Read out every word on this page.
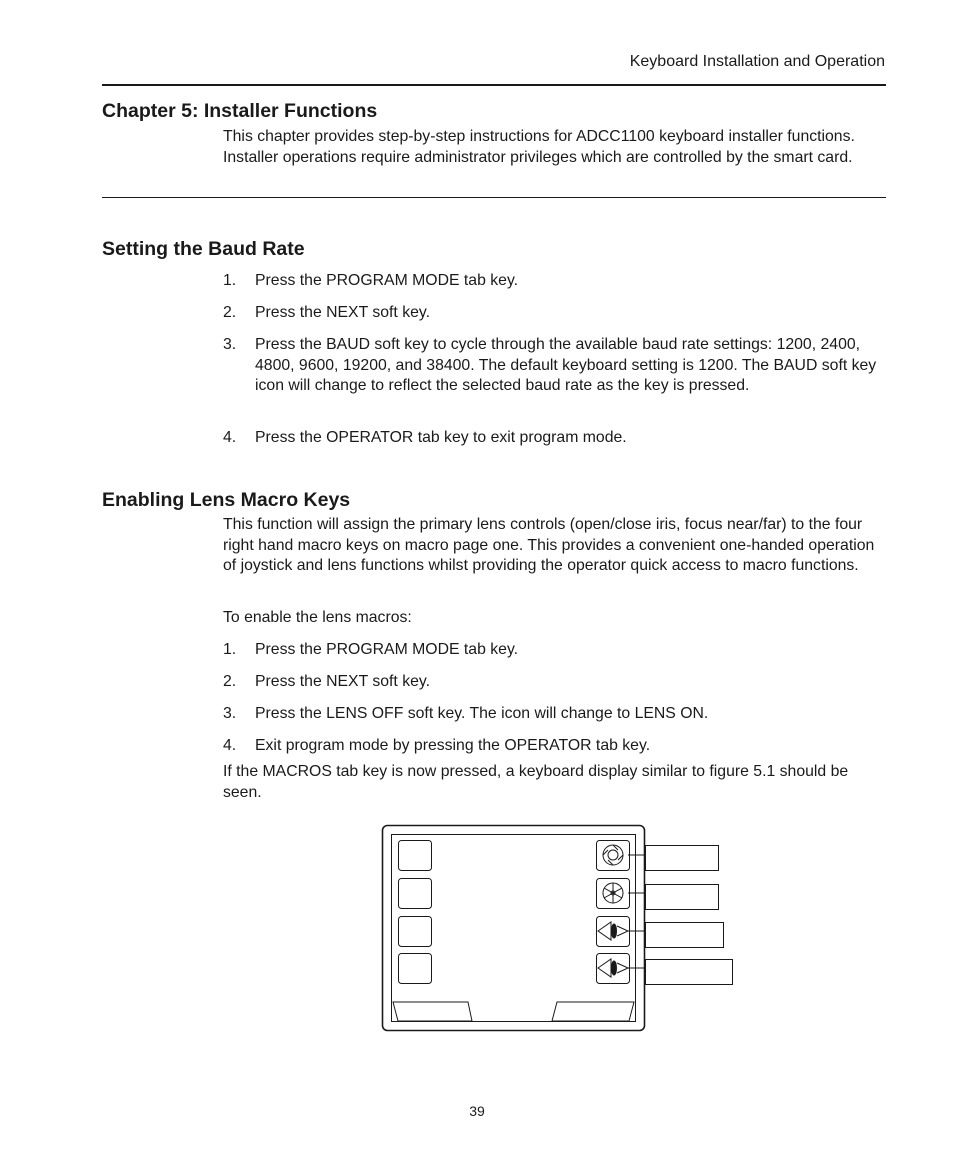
Keyboard Installation and Operation
Chapter 5: Installer Functions
This chapter provides step-by-step instructions for ADCC1100 keyboard installer functions. Installer operations require administrator privileges which are controlled by the smart card.
Setting the Baud Rate
1.	Press the PROGRAM MODE tab key.
2.	Press the NEXT soft key.
3.	Press the BAUD soft key to cycle through the available baud rate settings: 1200, 2400, 4800, 9600, 19200, and 38400. The default keyboard setting is 1200. The BAUD soft key icon will change to reflect the selected baud rate as the key is pressed.
4.	Press the OPERATOR tab key to exit program mode.
Enabling Lens Macro Keys
This function will assign the primary lens controls (open/close iris, focus near/far) to the four right hand macro keys on macro page one. This provides a convenient one-handed operation of joystick and lens functions whilst providing the operator quick access to macro functions.
To enable the lens macros:
1.	Press the PROGRAM MODE tab key.
2.	Press the NEXT soft key.
3.	Press the LENS OFF soft key. The icon will change to LENS ON.
4.	Exit program mode by pressing the OPERATOR tab key.
If the MACROS tab key is now pressed, a keyboard display similar to figure 5.1 should be seen.
39
